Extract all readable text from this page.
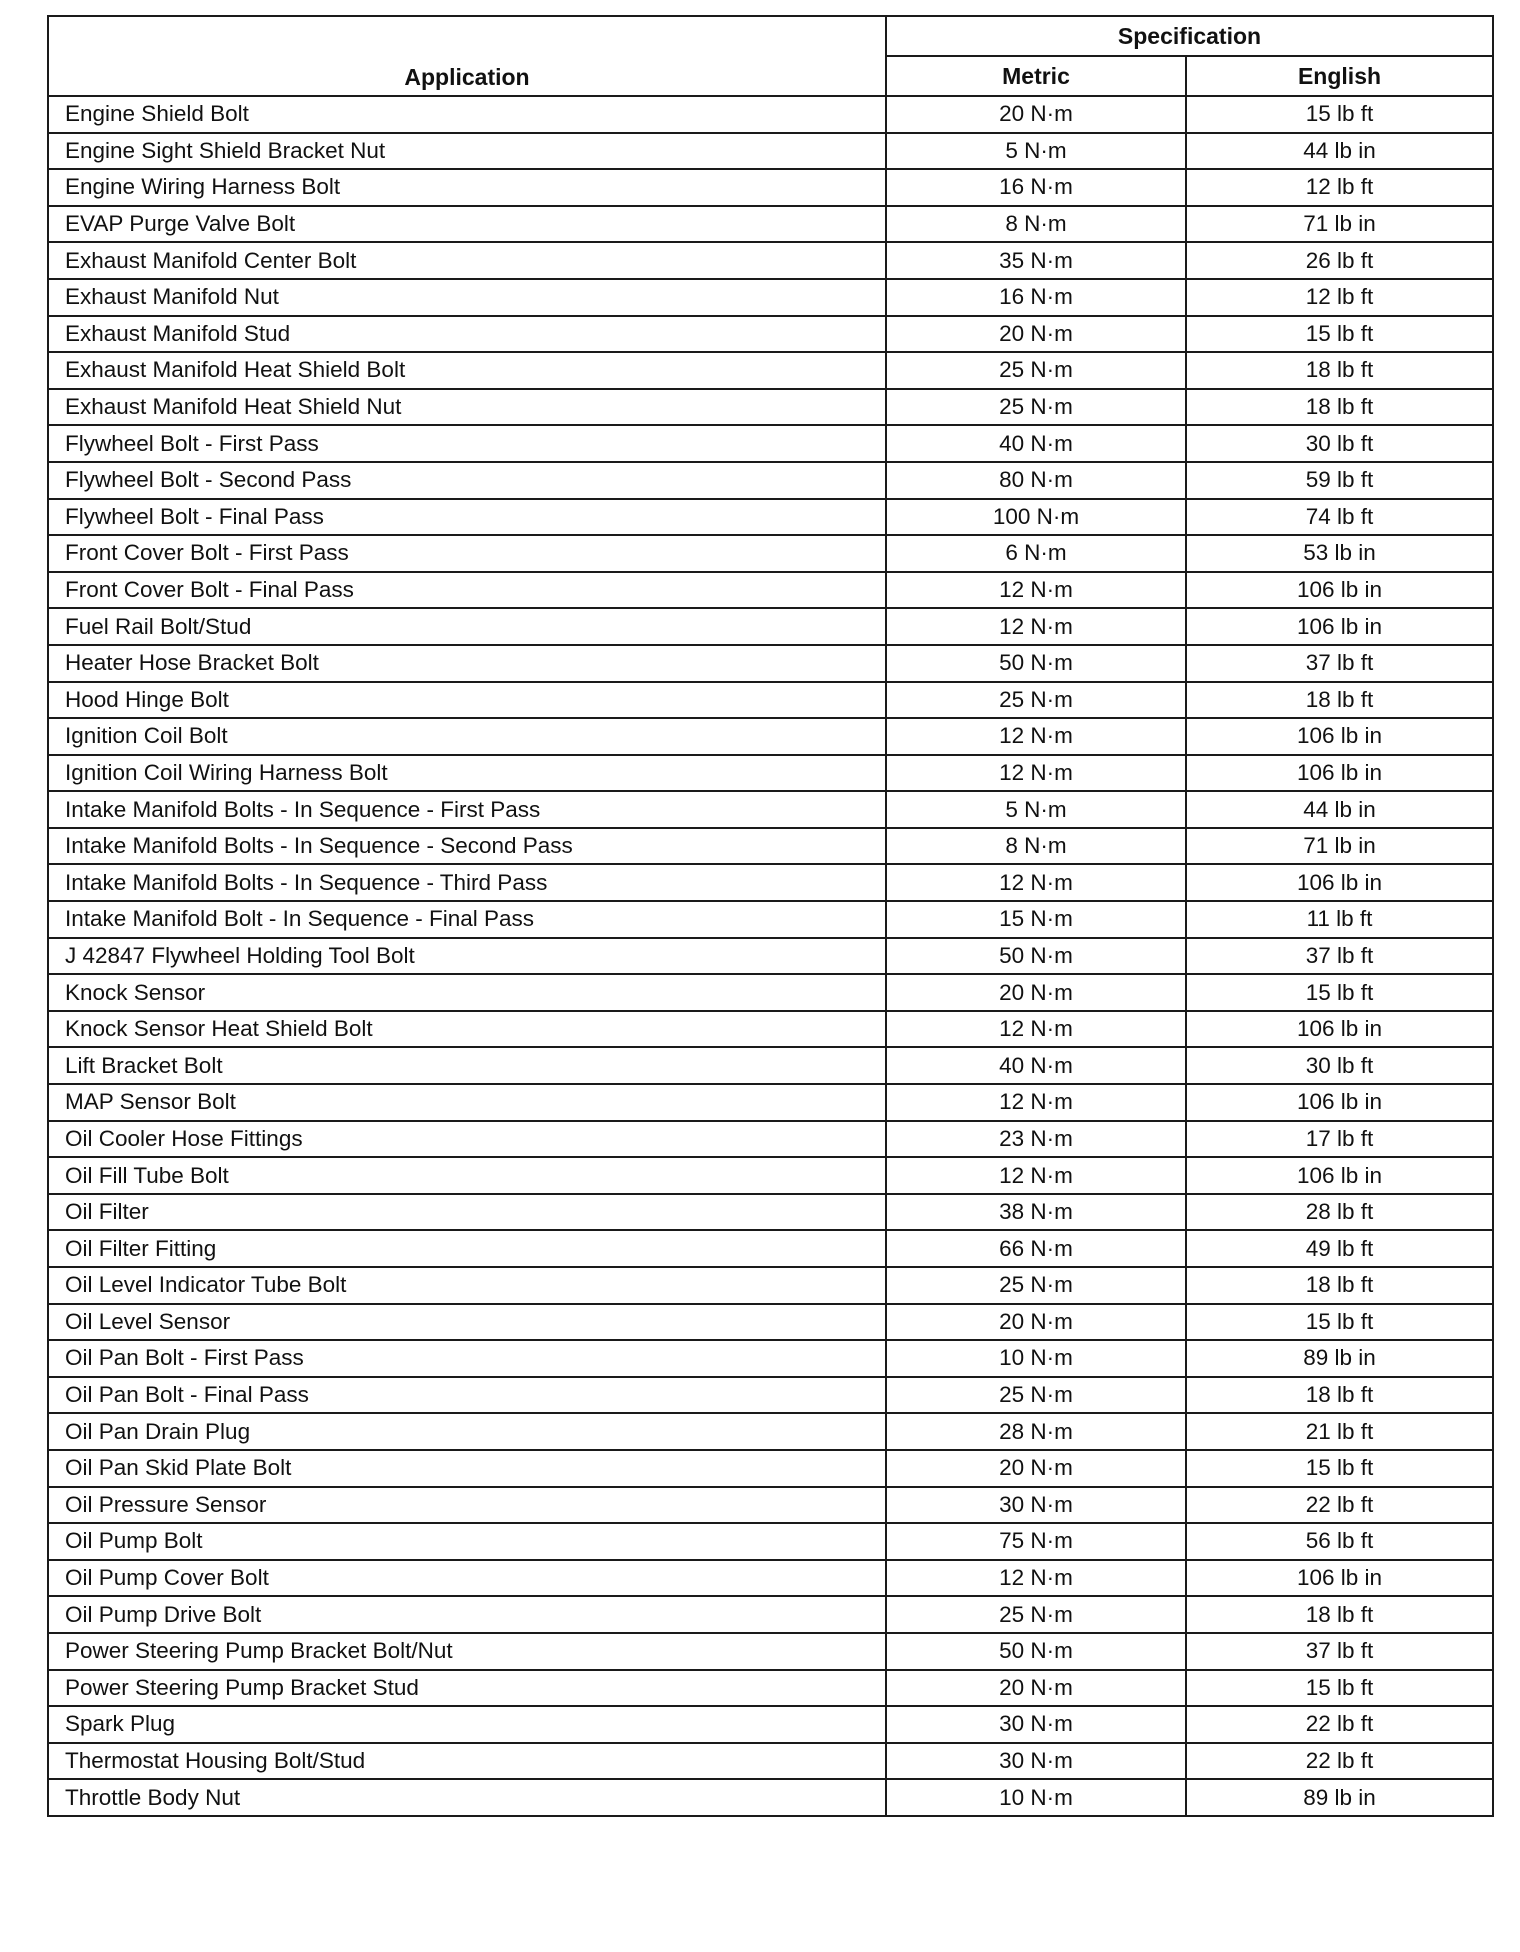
Application	Specification	
	Metric	English
Engine Shield Bolt	20 N·m	15 lb ft
Engine Sight Shield Bracket Nut	5 N·m	44 lb in
Engine Wiring Harness Bolt	16 N·m	12 lb ft
EVAP Purge Valve Bolt	8 N·m	71 lb in
Exhaust Manifold Center Bolt	35 N·m	26 lb ft
Exhaust Manifold Nut	16 N·m	12 lb ft
Exhaust Manifold Stud	20 N·m	15 lb ft
Exhaust Manifold Heat Shield Bolt	25 N·m	18 lb ft
Exhaust Manifold Heat Shield Nut	25 N·m	18 lb ft
Flywheel Bolt - First Pass	40 N·m	30 lb ft
Flywheel Bolt - Second Pass	80 N·m	59 lb ft
Flywheel Bolt - Final Pass	100 N·m	74 lb ft
Front Cover Bolt - First Pass	6 N·m	53 lb in
Front Cover Bolt - Final Pass	12 N·m	106 lb in
Fuel Rail Bolt/Stud	12 N·m	106 lb in
Heater Hose Bracket Bolt	50 N·m	37 lb ft
Hood Hinge Bolt	25 N·m	18 lb ft
Ignition Coil Bolt	12 N·m	106 lb in
Ignition Coil Wiring Harness Bolt	12 N·m	106 lb in
Intake Manifold Bolts - In Sequence - First Pass	5 N·m	44 lb in
Intake Manifold Bolts - In Sequence - Second Pass	8 N·m	71 lb in
Intake Manifold Bolts - In Sequence - Third Pass	12 N·m	106 lb in
Intake Manifold Bolt - In Sequence - Final Pass	15 N·m	11 lb ft
J 42847 Flywheel Holding Tool Bolt	50 N·m	37 lb ft
Knock Sensor	20 N·m	15 lb ft
Knock Sensor Heat Shield Bolt	12 N·m	106 lb in
Lift Bracket Bolt	40 N·m	30 lb ft
MAP Sensor Bolt	12 N·m	106 lb in
Oil Cooler Hose Fittings	23 N·m	17 lb ft
Oil Fill Tube Bolt	12 N·m	106 lb in
Oil Filter	38 N·m	28 lb ft
Oil Filter Fitting	66 N·m	49 lb ft
Oil Level Indicator Tube Bolt	25 N·m	18 lb ft
Oil Level Sensor	20 N·m	15 lb ft
Oil Pan Bolt - First Pass	10 N·m	89 lb in
Oil Pan Bolt - Final Pass	25 N·m	18 lb ft
Oil Pan Drain Plug	28 N·m	21 lb ft
Oil Pan Skid Plate Bolt	20 N·m	15 lb ft
Oil Pressure Sensor	30 N·m	22 lb ft
Oil Pump Bolt	75 N·m	56 lb ft
Oil Pump Cover Bolt	12 N·m	106 lb in
Oil Pump Drive Bolt	25 N·m	18 lb ft
Power Steering Pump Bracket Bolt/Nut	50 N·m	37 lb ft
Power Steering Pump Bracket Stud	20 N·m	15 lb ft
Spark Plug	30 N·m	22 lb ft
Thermostat Housing Bolt/Stud	30 N·m	22 lb ft
Throttle Body Nut	10 N·m	89 lb in
